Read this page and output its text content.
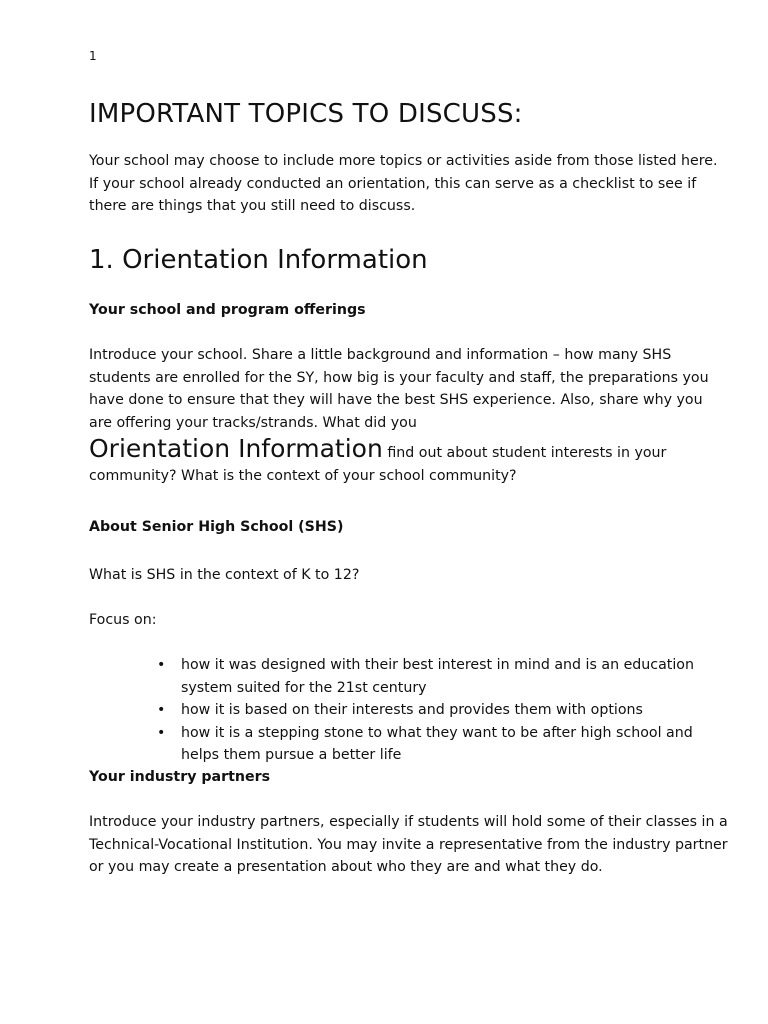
1
IMPORTANT TOPICS TO DISCUSS:

Your school may choose to include more topics or activities aside from those listed here. If your school already conducted an orientation, this can serve as a checklist to see if there are things that you still need to discuss.

1. Orientation Information
Your school and program offerings

Introduce your school. Share a little background and information – how many SHS students are enrolled for the SY, how big is your faculty and staff, the preparations you have done to ensure that they will have the best SHS experience. Also, share why you are offering your tracks/strands. What did you
Orientation Information find out about student interests in your community? What is the context of your school community?

About Senior High School (SHS)

What is SHS in the context of K to 12?

Focus on:

• how it was designed with their best interest in mind and is an education system suited for the 21st century
• how it is based on their interests and provides them with options
• how it is a stepping stone to what they want to be after high school and helps them pursue a better life
Your industry partners

Introduce your industry partners, especially if students will hold some of their classes in a Technical-Vocational Institution. You may invite a representative from the industry partner or you may create a presentation about who they are and what they do.
